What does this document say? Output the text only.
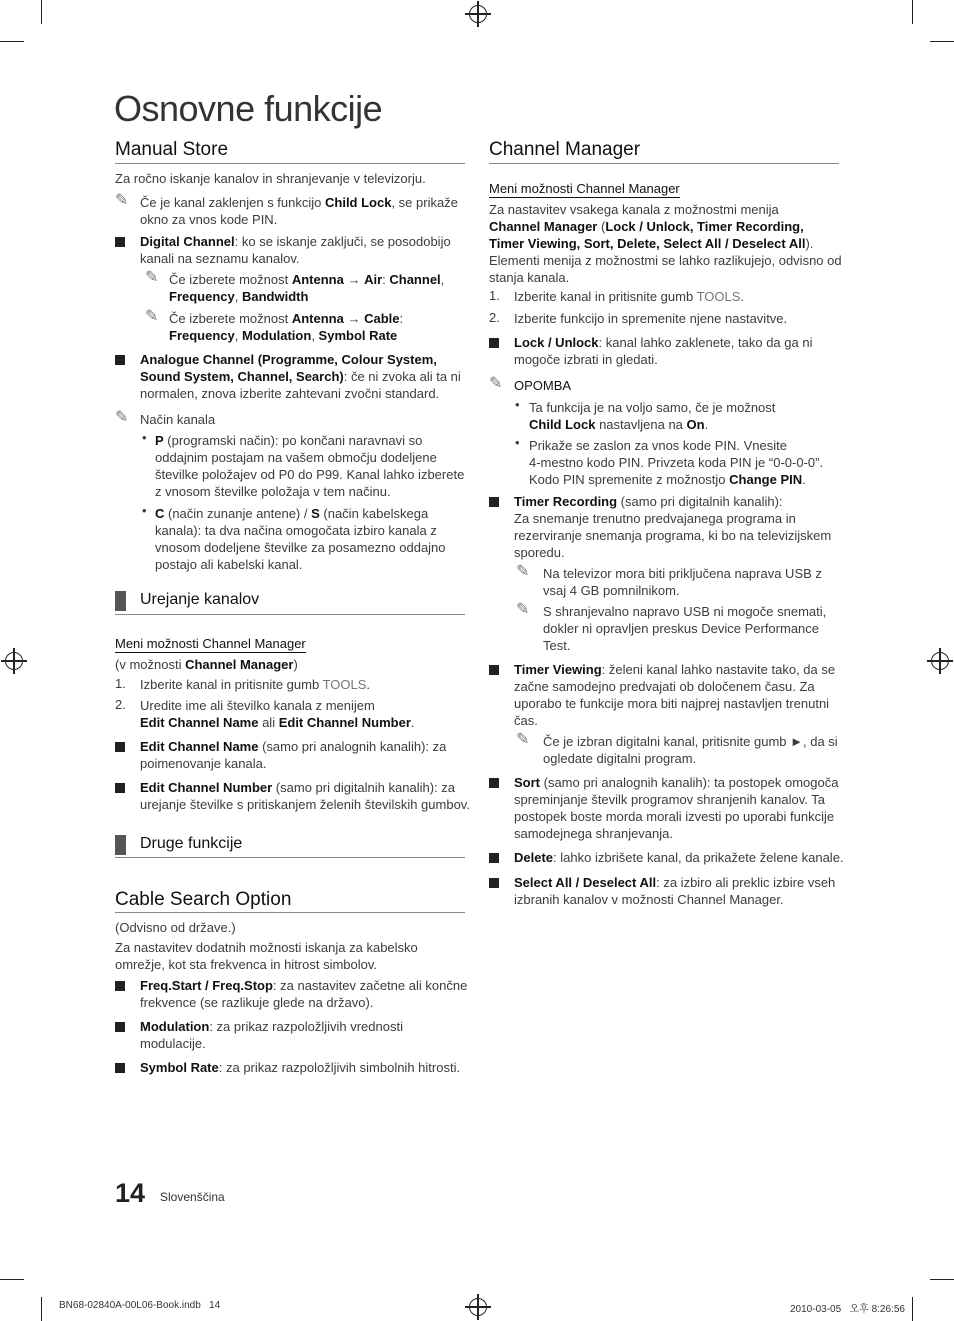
Osnovne funkcije
Manual Store
Za ročno iskanje kanalov in shranjevanje v televizorju.
✎ Če je kanal zaklenjen s funkcijo Child Lock, se prikaže
okno za vnos kode PIN.
Digital Channel: ko se iskanje zaključi, se posodobijo
kanali na seznamu kanalov.
✎ Če izberete možnost Antenna → Air: Channel,
Frequency, Bandwidth
✎ Če izberete možnost Antenna → Cable:
Frequency, Modulation, Symbol Rate
Analogue Channel (Programme, Colour System,
Sound System, Channel, Search): če ni zvoka ali ta ni
normalen, znova izberite zahtevani zvočni standard.
✎ Način kanala
• P (programski način): po končani naravnavi so
oddajnim postajam na vašem območju dodeljene
številke položajev od P0 do P99. Kanal lahko izberete
z vnosom številke položaja v tem načinu.
• C (način zunanje antene) / S (način kabelskega
kanala): ta dva načina omogočata izbiro kanala z
vnosom dodeljene številke za posamezno oddajno
postajo ali kabelski kanal.
Urejanje kanalov
Meni možnosti Channel Manager
(v možnosti Channel Manager)
1. Izberite kanal in pritisnite gumb TOOLS.
2. Uredite ime ali številko kanala z menijem
Edit Channel Name ali Edit Channel Number.
Edit Channel Name (samo pri analognih kanalih): za
poimenovanje kanala.
Edit Channel Number (samo pri digitalnih kanalih): za
urejanje številke s pritiskanjem želenih številskih gumbov.
Druge funkcije
Cable Search Option
(Odvisno od države.)
Za nastavitev dodatnih možnosti iskanja za kabelsko
omrežje, kot sta frekvenca in hitrost simbolov.
Freq.Start / Freq.Stop: za nastavitev začetne ali končne
frekvence (se razlikuje glede na državo).
Modulation: za prikaz razpoložljivih vrednosti
modulacije.
Symbol Rate: za prikaz razpoložljivih simbolnih hitrosti.
Channel Manager
Meni možnosti Channel Manager
Za nastavitev vsakega kanala z možnostmi menija
Channel Manager (Lock / Unlock, Timer Recording,
Timer Viewing, Sort, Delete, Select All / Deselect All).
Elementi menija z možnostmi se lahko razlikujejo, odvisno od
stanja kanala.
1. Izberite kanal in pritisnite gumb TOOLS.
2. Izberite funkcijo in spremenite njene nastavitve.
Lock / Unlock: kanal lahko zaklenete, tako da ga ni
mogoče izbrati in gledati.
✎ OPOMBA
• Ta funkcija je na voljo samo, če je možnost
Child Lock nastavljena na On.
• Prikaže se zaslon za vnos kode PIN. Vnesite
4-mestno kodo PIN. Privzeta koda PIN je “0-0-0-0”.
Kodo PIN spremenite z možnostjo Change PIN.
Timer Recording (samo pri digitalnih kanalih):
Za snemanje trenutno predvajanega programa in
rezerviranje snemanja programa, ki bo na televizijskem
sporedu.
✎ Na televizor mora biti priključena naprava USB z
vsaj 4 GB pomnilnikom.
✎ S shranjevalno napravo USB ni mogoče snemati,
dokler ni opravljen preskus Device Performance
Test.
Timer Viewing: želeni kanal lahko nastavite tako, da se
začne samodejno predvajati ob določenem času. Za
uporabo te funkcije mora biti najprej nastavljen trenutni
čas.
✎ Če je izbran digitalni kanal, pritisnite gumb ►, da si
ogledate digitalni program.
Sort (samo pri analognih kanalih): ta postopek omogoča
spreminjanje številk programov shranjenih kanalov. Ta
postopek boste morda morali izvesti po uporabi funkcije
samodejnega shranjevanja.
Delete: lahko izbrišete kanal, da prikažete želene kanale.
Select All / Deselect All: za izbiro ali preklic izbire vseh
izbranih kanalov v možnosti Channel Manager.
14 Slovenščina
BN68-02840A-00L06-Book.indb   14	2010-03-05   오후 8:26:56
